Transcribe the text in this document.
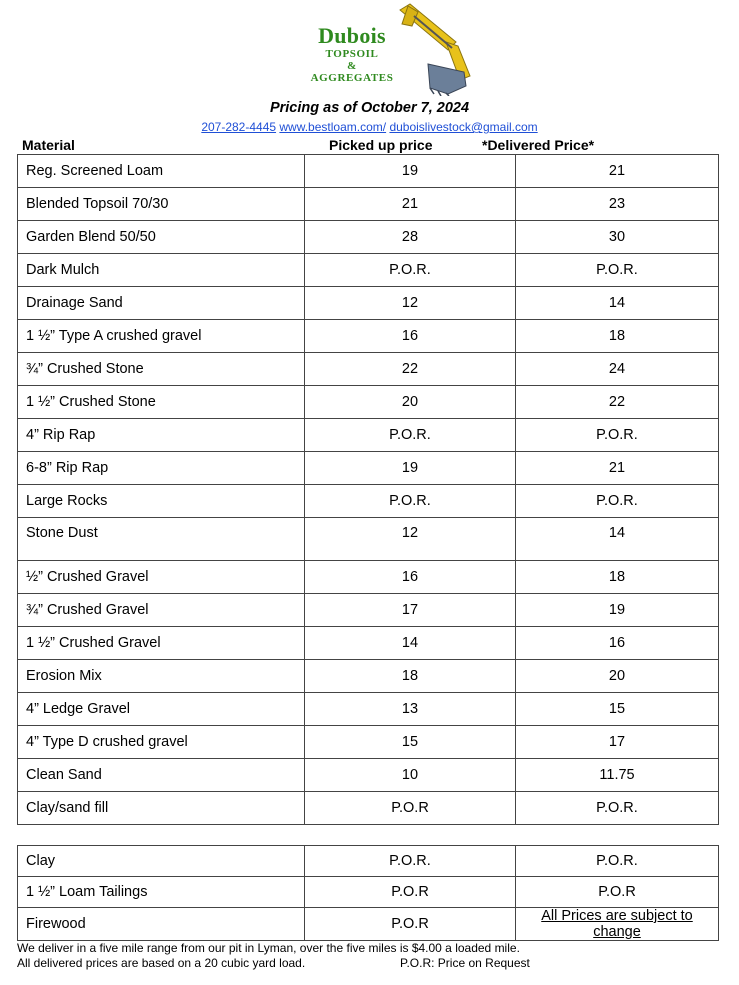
Dubois
TOPSOIL
&
AGGREGATES
Pricing as of October 7, 2024
207-282-4445 www.bestloam.com/ duboislivestock@gmail.com
Material	Picked up price	*Delivered Price*
Reg. Screened Loam	19	21
Blended Topsoil 70/30	21	23
Garden Blend 50/50	28	30
Dark Mulch	P.O.R.	P.O.R.
Drainage Sand	12	14
1 ½” Type A crushed gravel	16	18
¾” Crushed Stone	22	24
1 ½” Crushed Stone	20	22
4” Rip Rap	P.O.R.	P.O.R.
6-8” Rip Rap	19	21
Large Rocks	P.O.R.	P.O.R.
Stone Dust	12	14
½” Crushed Gravel	16	18
¾” Crushed Gravel	17	19
1 ½” Crushed Gravel	14	16
Erosion Mix	18	20
4” Ledge Gravel	13	15
4” Type D crushed gravel	15	17
Clean Sand	10	11.75
Clay/sand fill	P.O.R	P.O.R.
Clay	P.O.R.	P.O.R.
1 ½” Loam Tailings	P.O.R	P.O.R
Firewood	P.O.R	All Prices are subject to change
We deliver in a five mile range from our pit in Lyman, over the five miles is $4.00 a loaded mile.
All delivered prices are based on a 20 cubic yard load.	P.O.R: Price on Request
